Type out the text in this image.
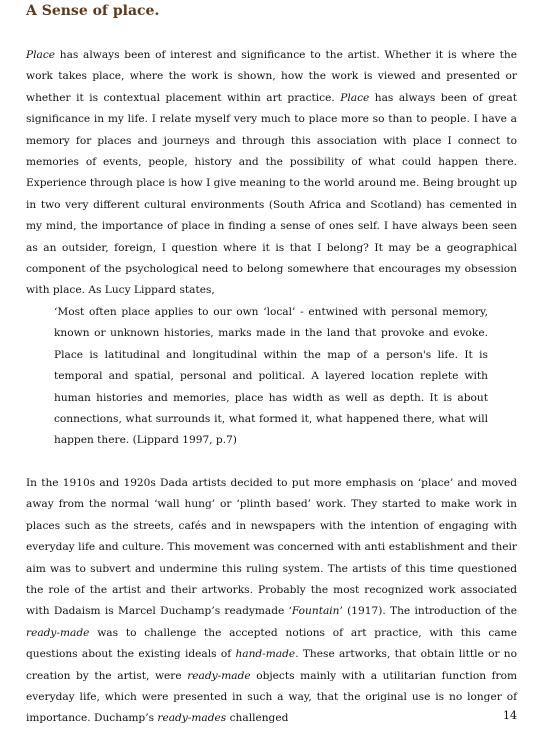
A Sense of place.

Place has always been of interest and significance to the artist. Whether it is where the work takes place, where the work is shown, how the work is viewed and presented or whether it is contextual placement within art practice. Place has always been of great significance in my life. I relate myself very much to place more so than to people. I have a memory for places and journeys and through this association with place I connect to memories of events, people, history and the possibility of what could happen there. Experience through place is how I give meaning to the world around me. Being brought up in two very different cultural environments (South Africa and Scotland) has cemented in my mind, the importance of place in finding a sense of ones self. I have always been seen as an outsider, foreign, I question where it is that I belong? It may be a geographical component of the psychological need to belong somewhere that encourages my obsession with place. As Lucy Lippard states,

‘Most often place applies to our own ‘local’ - entwined with personal memory, known or unknown histories, marks made in the land that provoke and evoke. Place is latitudinal and longitudinal within the map of a person's life. It is temporal and spatial, personal and political. A layered location replete with human histories and memories, place has width as well as depth. It is about connections, what surrounds it, what formed it, what happened there, what will happen there. (Lippard 1997, p.7)

In the 1910s and 1920s Dada artists decided to put more emphasis on ‘place’ and moved away from the normal ‘wall hung’ or ‘plinth based’ work. They started to make work in places such as the streets, cafés and in newspapers with the intention of engaging with everyday life and culture. This movement was concerned with anti establishment and their aim was to subvert and undermine this ruling system. The artists of this time questioned the role of the artist and their artworks. Probably the most recognized work associated with Dadaism is Marcel Duchamp’s readymade ‘Fountain’ (1917). The introduction of the ready-made was to challenge the accepted notions of art practice, with this came questions about the existing ideals of hand-made. These artworks, that obtain little or no creation by the artist, were ready-made objects mainly with a utilitarian function from everyday life, which were presented in such a way, that the original use is no longer of importance. Duchamp’s ready-mades challenged	14
